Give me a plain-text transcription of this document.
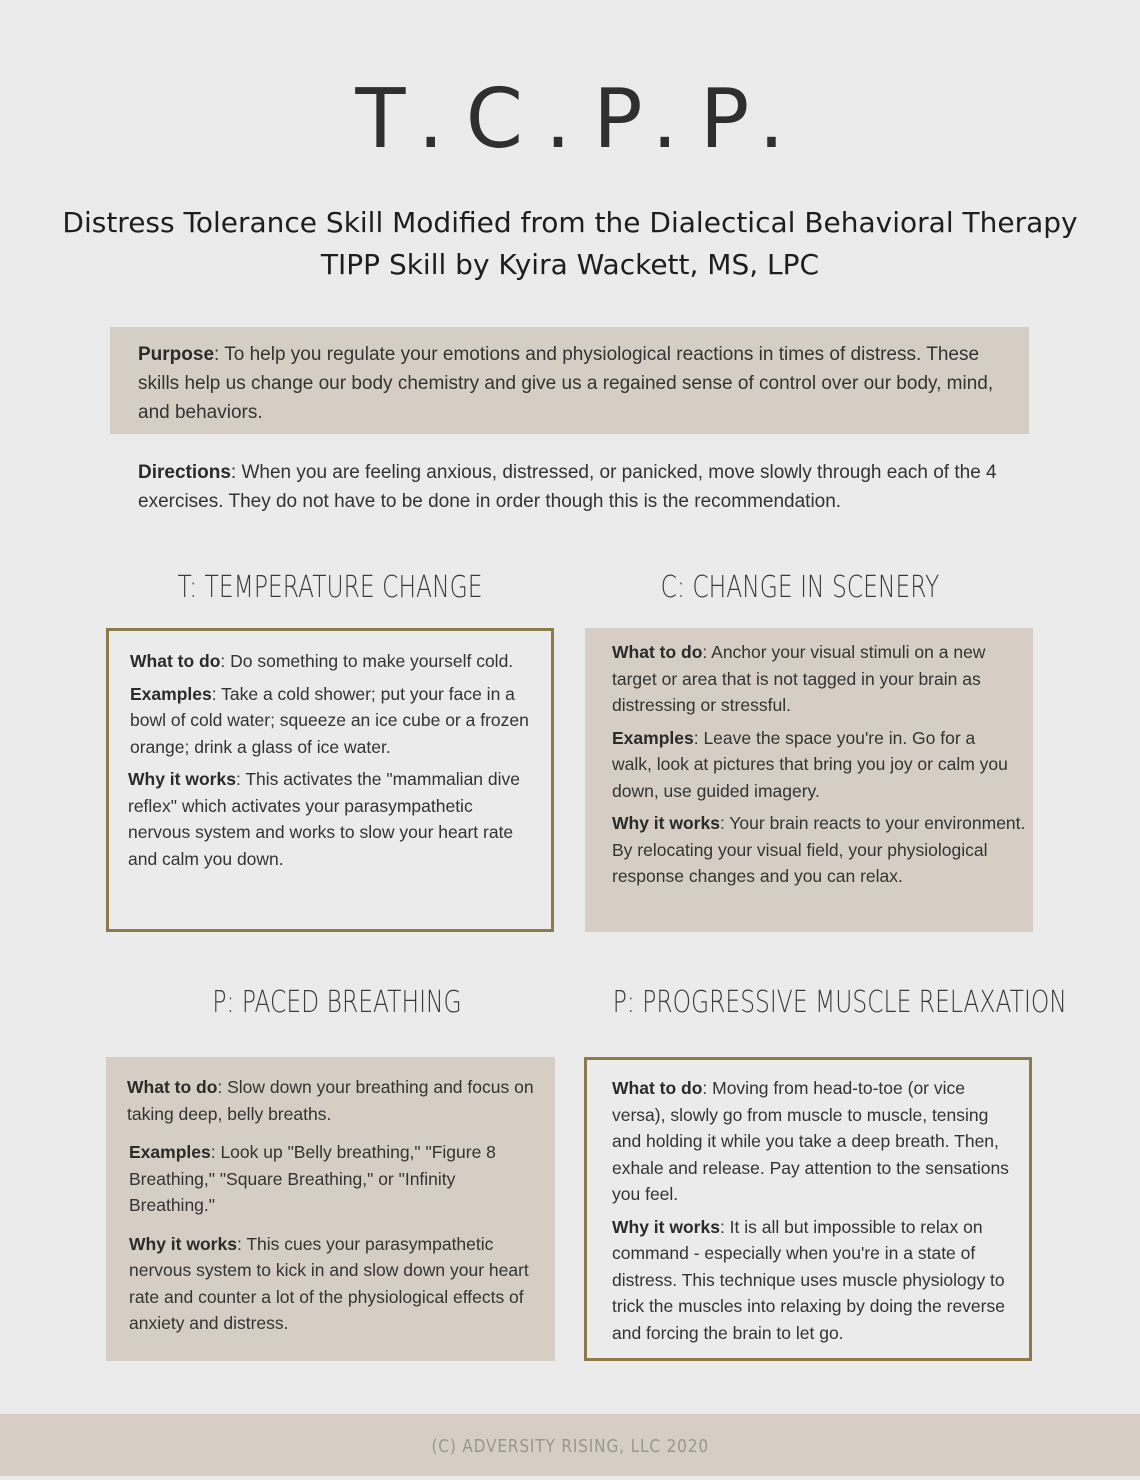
T.C.P.P.
Distress Tolerance Skill Modified from the Dialectical Behavioral Therapy
TIPP Skill by Kyira Wackett, MS, LPC

Purpose: To help you regulate your emotions and physiological reactions in times of distress. These skills help us change our body chemistry and give us a regained sense of control over our body, mind, and behaviors.

Directions: When you are feeling anxious, distressed, or panicked, move slowly through each of the 4 exercises. They do not have to be done in order though this is the recommendation.

T: TEMPERATURE CHANGE

What to do: Do something to make yourself cold.

Examples: Take a cold shower; put your face in a bowl of cold water; squeeze an ice cube or a frozen orange; drink a glass of ice water.

Why it works: This activates the "mammalian dive reflex" which activates your parasympathetic nervous system and works to slow your heart rate and calm you down.

C: CHANGE IN SCENERY

What to do: Anchor your visual stimuli on a new target or area that is not tagged in your brain as distressing or stressful.

Examples: Leave the space you're in. Go for a walk, look at pictures that bring you joy or calm you down, use guided imagery.

Why it works: Your brain reacts to your environment. By relocating your visual field, your physiological response changes and you can relax.

P: PACED BREATHING

What to do: Slow down your breathing and focus on taking deep, belly breaths.

Examples: Look up "Belly breathing," "Figure 8 Breathing," "Square Breathing," or "Infinity Breathing."

Why it works: This cues your parasympathetic nervous system to kick in and slow down your heart rate and counter a lot of the physiological effects of anxiety and distress.

P: PROGRESSIVE MUSCLE RELAXATION

What to do: Moving from head-to-toe (or vice versa), slowly go from muscle to muscle, tensing and holding it while you take a deep breath. Then, exhale and release. Pay attention to the sensations you feel.

Why it works: It is all but impossible to relax on command - especially when you're in a state of distress. This technique uses muscle physiology to trick the muscles into relaxing by doing the reverse and forcing the brain to let go.

(C) ADVERSITY RISING, LLC 2020
